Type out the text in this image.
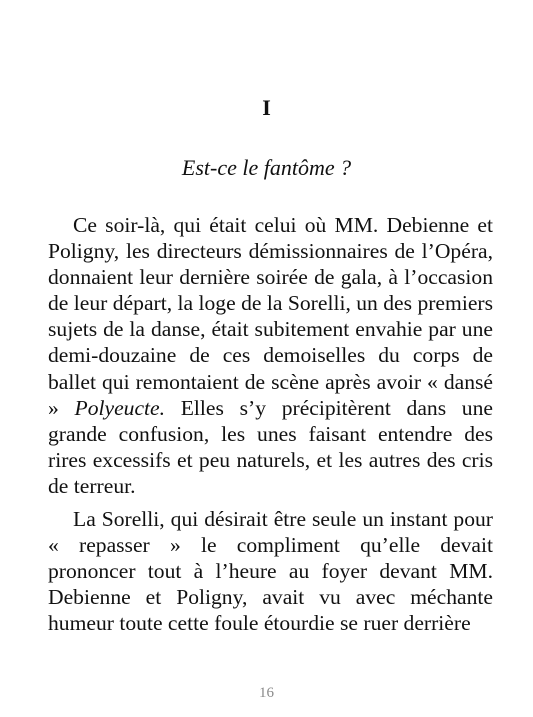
I
Est-ce le fantôme ?

Ce soir-là, qui était celui où MM. Debienne et Poligny, les directeurs démissionnaires de l’Opéra, donnaient leur dernière soirée de gala, à l’occasion de leur départ, la loge de la Sorelli, un des premiers sujets de la danse, était subitement envahie par une demi-douzaine de ces demoiselles du corps de ballet qui remontaient de scène après avoir « dansé » Polyeucte. Elles s’y précipitèrent dans une grande confusion, les unes faisant entendre des rires excessifs et peu naturels, et les autres des cris de terreur.

La Sorelli, qui désirait être seule un instant pour « repasser » le compliment qu’elle devait prononcer tout à l’heure au foyer devant MM. Debienne et Poligny, avait vu avec méchante humeur toute cette foule étourdie se ruer derrière

16
